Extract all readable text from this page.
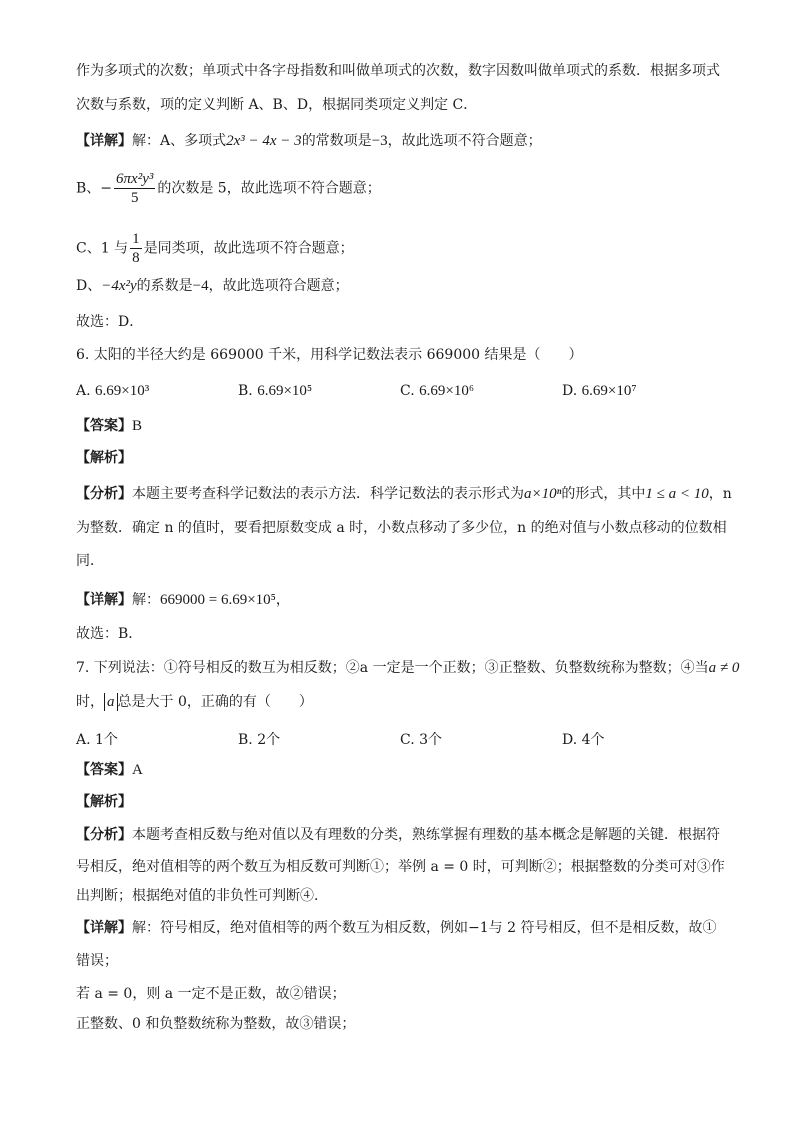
作为多项式的次数；单项式中各字母指数和叫做单项式的次数，数字因数叫做单项式的系数．根据多项式
次数与系数，项的定义判断 A、B、D，根据同类项定义判定 C．
【详解】解：A、多项式2x³ − 4x − 3的常数项是−3，故此选项不符合题意；
B、− $\frac{\text{6πx²y³}}{5}$ 的次数是 5，故此选项不符合题意；
C、1 与 $\frac{1}{8}$ 是同类项，故此选项不符合题意；
D、−4x²y的系数是−4，故此选项符合题意；
故选：D．
6. 太阳的半径大约是 669000 千米，用科学记数法表示 669000 结果是（　　）
A. 6.69×10³	B. 6.69×10⁵	C. 6.69×10⁶	D. 6.69×10⁷
【答案】B
【解析】
【分析】本题主要考查科学记数法的表示方法．科学记数法的表示形式为a×10ⁿ的形式，其中1 ≤ a < 10，n
为整数．确定 n 的值时，要看把原数变成 a 时，小数点移动了多少位，n 的绝对值与小数点移动的位数相
同．
【详解】解：669000 = 6.69×10⁵，
故选：B．
7. 下列说法：①符号相反的数互为相反数；②a 一定是一个正数；③正整数、负整数统称为整数；④当a ≠ 0
时， a 总是大于 0，正确的有（　　）
A. 1个	B. 2个	C. 3个	D. 4个
【答案】A
【解析】
【分析】本题考查相反数与绝对值以及有理数的分类，熟练掌握有理数的基本概念是解题的关键．根据符
号相反，绝对值相等的两个数互为相反数可判断①；举例 a = 0 时，可判断②；根据整数的分类可对③作
出判断；根据绝对值的非负性可判断④．
【详解】解：符号相反，绝对值相等的两个数互为相反数，例如−1与 2 符号相反，但不是相反数，故①
错误；
若 a = 0，则 a 一定不是正数，故②错误；
正整数、0 和负整数统称为整数，故③错误；
